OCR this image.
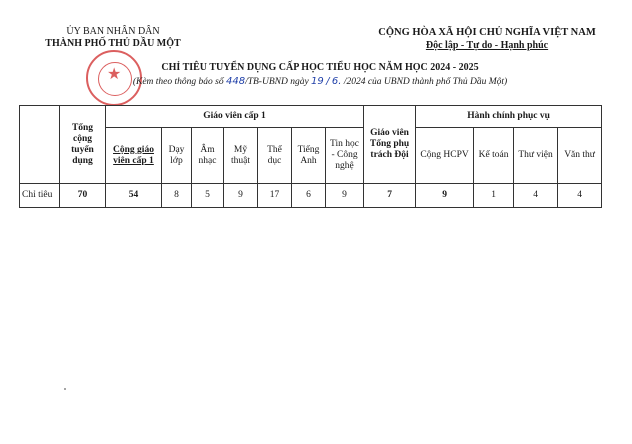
ỦY BAN NHÂN DÂN
THÀNH PHỐ THỦ DẦU MỘT
CỘNG HÒA XÃ HỘI CHỦ NGHĨA VIỆT NAM
Độc lập - Tự do - Hạnh phúc
★	CHỈ TIÊU TUYỂN DỤNG CẤP HỌC TIỂU HỌC NĂM HỌC 2024 - 2025
(Kèm theo thông báo số 448/TB-UBND ngày 19 / 6. /2024 của UBND thành phố Thủ Dầu Một)
	Tổng cộng tuyển dụng	Giáo viên cấp 1							Giáo viên Tổng phụ trách Đội	Hành chính phục vụ			
		Cộng giáo viên cấp 1	Dạy lớp	Âm nhạc	Mỹ thuật	Thể dục	Tiếng Anh	Tin học - Công nghệ		Cộng HCPV	Kế toán	Thư viện	Văn thư
Chỉ tiêu	70	54	8	5	9	17	6	9	7	9	1	4	4
